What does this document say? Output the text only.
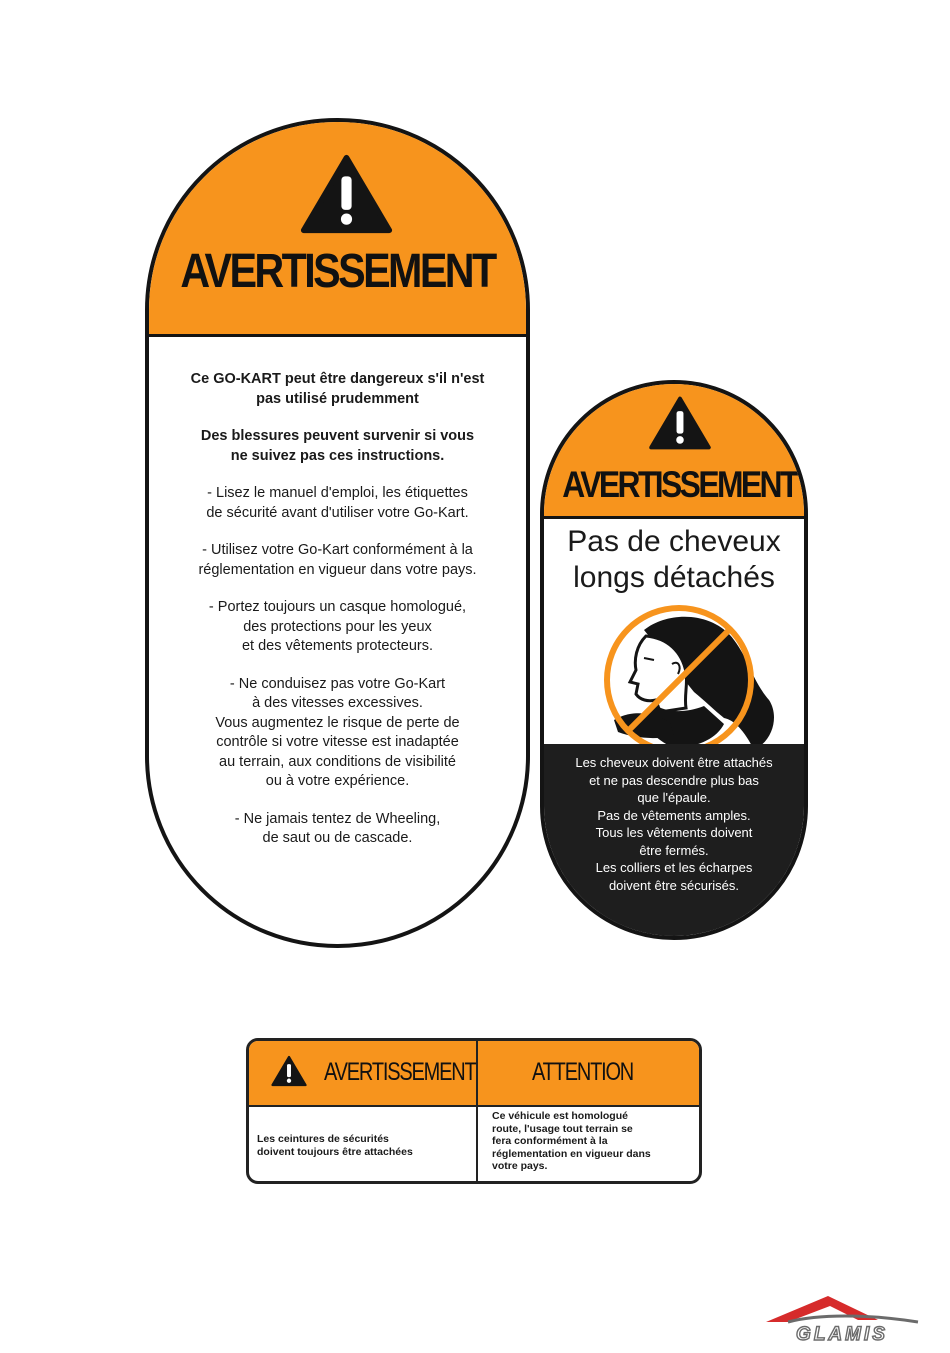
AVERTISSEMENT
Ce GO-KART peut être dangereux s'il n'est
pas utilisé prudemment
Des blessures peuvent survenir si vous
ne suivez pas ces instructions.
- Lisez le manuel d'emploi, les étiquettes
de sécurité avant d'utiliser votre Go-Kart.
- Utilisez votre Go-Kart conformément à la
réglementation en vigueur dans votre pays.
- Portez toujours un casque homologué,
des protections pour les yeux
et des vêtements protecteurs.
- Ne conduisez pas votre Go-Kart
à des vitesses excessives.
Vous augmentez le risque de perte de
contrôle si votre vitesse est inadaptée
au terrain, aux conditions de visibilité
ou à votre expérience.
- Ne jamais tentez de Wheeling,
de saut ou de cascade.
AVERTISSEMENT
Pas de cheveux
longs détachés
Les cheveux doivent être attachés
et ne pas descendre plus bas
que l'épaule.
Pas de vêtements amples.
Tous les vêtements doivent
être fermés.
Les colliers et les écharpes
doivent être sécurisés.
AVERTISSEMENT
Les ceintures de sécurités
doivent toujours être attachées
ATTENTION
Ce véhicule est homologué
route, l'usage tout terrain se
fera conformément à la
réglementation en vigueur dans
votre pays.
GLAMIS
